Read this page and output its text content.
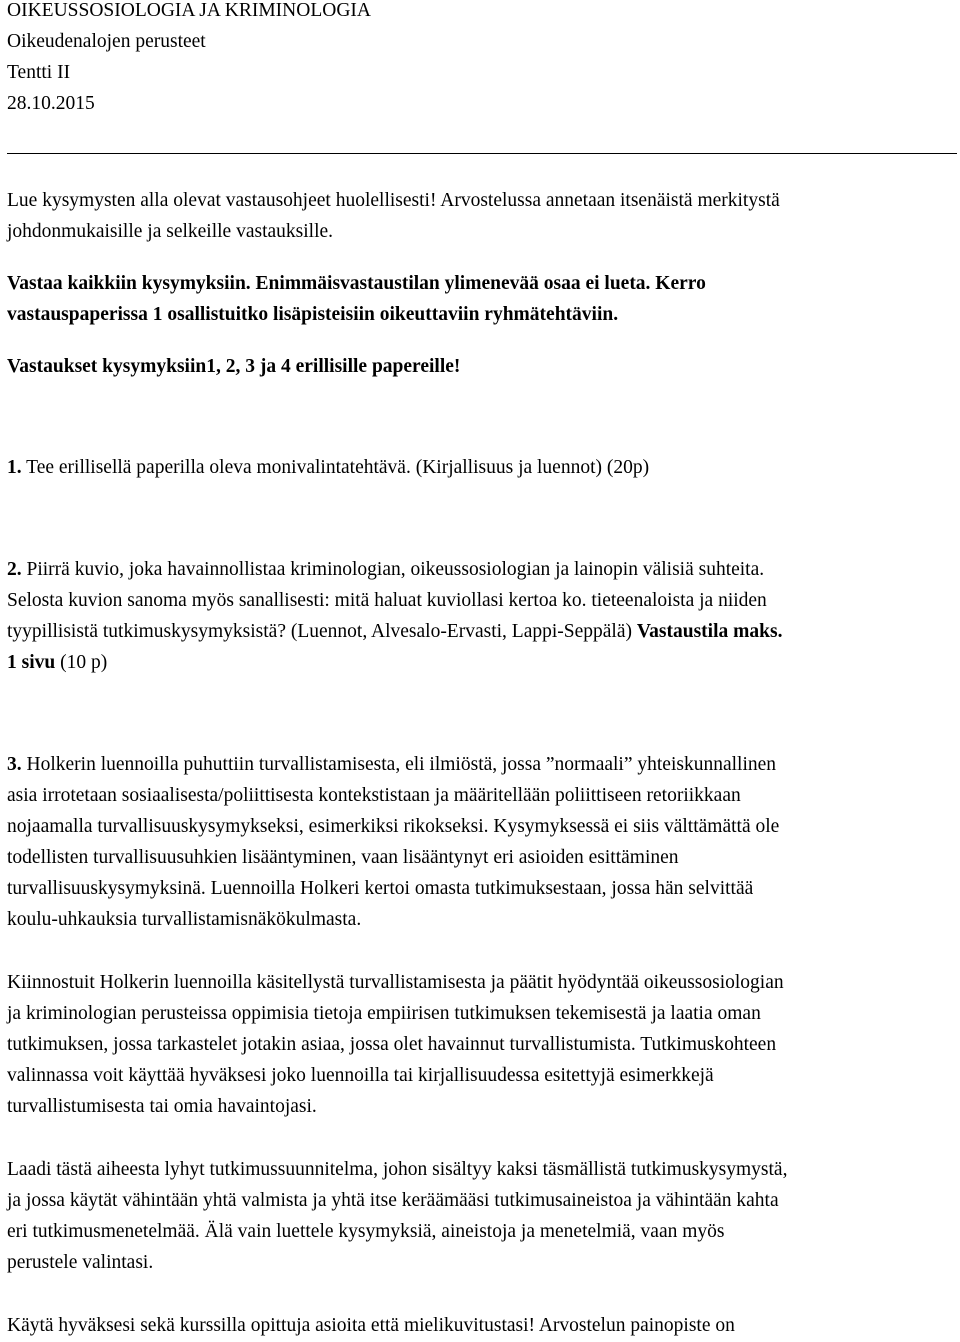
OIKEUSSOSIOLOGIA JA KRIMINOLOGIA
Oikeudenalojen perusteet
Tentti II
28.10.2015
Lue kysymysten alla olevat vastausohjeet huolellisesti! Arvostelussa annetaan itsenäistä merkitystä
johdonmukaisille ja selkeille vastauksille.
Vastaa kaikkiin kysymyksiin. Enimmäisvastaustilan ylimenevää osaa ei lueta. Kerro
vastauspaperissa 1 osallistuitko lisäpisteisiin oikeuttaviin ryhmätehtäviin.
Vastaukset kysymyksiin1, 2, 3 ja 4 erillisille papereille!
1. Tee erillisellä paperilla oleva monivalintatehtävä. (Kirjallisuus ja luennot) (20p)
2. Piirrä kuvio, joka havainnollistaa kriminologian, oikeussosiologian ja lainopin välisiä suhteita.
Selosta kuvion sanoma myös sanallisesti: mitä haluat kuviollasi kertoa ko. tieteenaloista ja niiden
tyypillisistä tutkimuskysymyksistä? (Luennot, Alvesalo-Ervasti, Lappi-Seppälä) Vastaustila maks.
1 sivu (10 p)
3. Holkerin luennoilla puhuttiin turvallistamisesta, eli ilmiöstä, jossa ”normaali” yhteiskunnallinen
asia irrotetaan sosiaalisesta/poliittisesta kontekstistaan ja määritellään poliittiseen retoriikkaan
nojaamalla turvallisuuskysymykseksi, esimerkiksi rikokseksi. Kysymyksessä ei siis välttämättä ole
todellisten turvallisuusuhkien lisääntyminen, vaan lisääntynyt eri asioiden esittäminen
turvallisuuskysymyksinä. Luennoilla Holkeri kertoi omasta tutkimuksestaan, jossa hän selvittää
koulu-uhkauksia turvallistamisnäkökulmasta.
Kiinnostuit Holkerin luennoilla käsitellystä turvallistamisesta ja päätit hyödyntää oikeussosiologian
ja kriminologian perusteissa oppimisia tietoja empiirisen tutkimuksen tekemisestä ja laatia oman
tutkimuksen, jossa tarkastelet jotakin asiaa, jossa olet havainnut turvallistumista. Tutkimuskohteen
valinnassa voit käyttää hyväksesi joko luennoilla tai kirjallisuudessa esitettyjä esimerkkejä
turvallistumisesta tai omia havaintojasi.
Laadi tästä aiheesta lyhyt tutkimussuunnitelma, johon sisältyy kaksi täsmällistä tutkimuskysymystä,
ja jossa käytät vähintään yhtä valmista ja yhtä itse keräämääsi tutkimusaineistoa ja vähintään kahta
eri tutkimusmenetelmää. Älä vain luettele kysymyksiä, aineistoja ja menetelmiä, vaan myös
perustele valintasi.
Käytä hyväksesi sekä kurssilla opittuja asioita että mielikuvitustasi! Arvostelun painopiste on
